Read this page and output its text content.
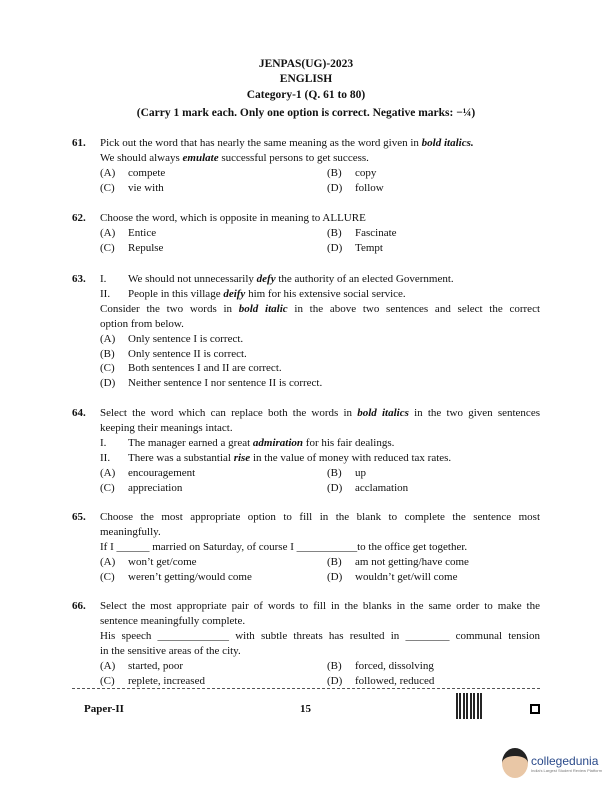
JENPAS(UG)-2023
ENGLISH
Category-1 (Q. 61 to 80)
(Carry 1 mark each. Only one option is correct. Negative marks: −¼)
61. Pick out the word that has nearly the same meaning as the word given in bold italics.
We should always emulate successful persons to get success.
(A) compete	(B) copy
(C) vie with	(D) follow
62. Choose the word, which is opposite in meaning to ALLURE
(A) Entice	(B) Fascinate
(C) Repulse	(D) Tempt
63. I. We should not unnecessarily defy the authority of an elected Government.
II. People in this village deify him for his extensive social service.
Consider the two words in bold italic in the above two sentences and select the correct
option from below.
(A) Only sentence I is correct.
(B) Only sentence II is correct.
(C) Both sentences I and II are correct.
(D) Neither sentence I nor sentence II is correct.
64. Select the word which can replace both the words in bold italics in the two given sentences
keeping their meanings intact.
I. The manager earned a great admiration for his fair dealings.
II. There was a substantial rise in the value of money with reduced tax rates.
(A) encouragement	(B) up
(C) appreciation	(D) acclamation
65. Choose the most appropriate option to fill in the blank to complete the sentence most
meaningfully.
If I ______ married on Saturday, of course I ___________to the office get together.
(A) won’t get/come	(B) am not getting/have come
(C) weren’t getting/would come	(D) wouldn’t get/will come
66. Select the most appropriate pair of words to fill in the blanks in the same order to make the
sentence meaningfully complete.
His speech _____________ with subtle threats has resulted in ________ communal tension
in the sensitive areas of the city.
(A) started, poor	(B) forced, dissolving
(C) replete, increased	(D) followed, reduced
Paper-II	15
collegedunia
India's Largest Student Review Platform
